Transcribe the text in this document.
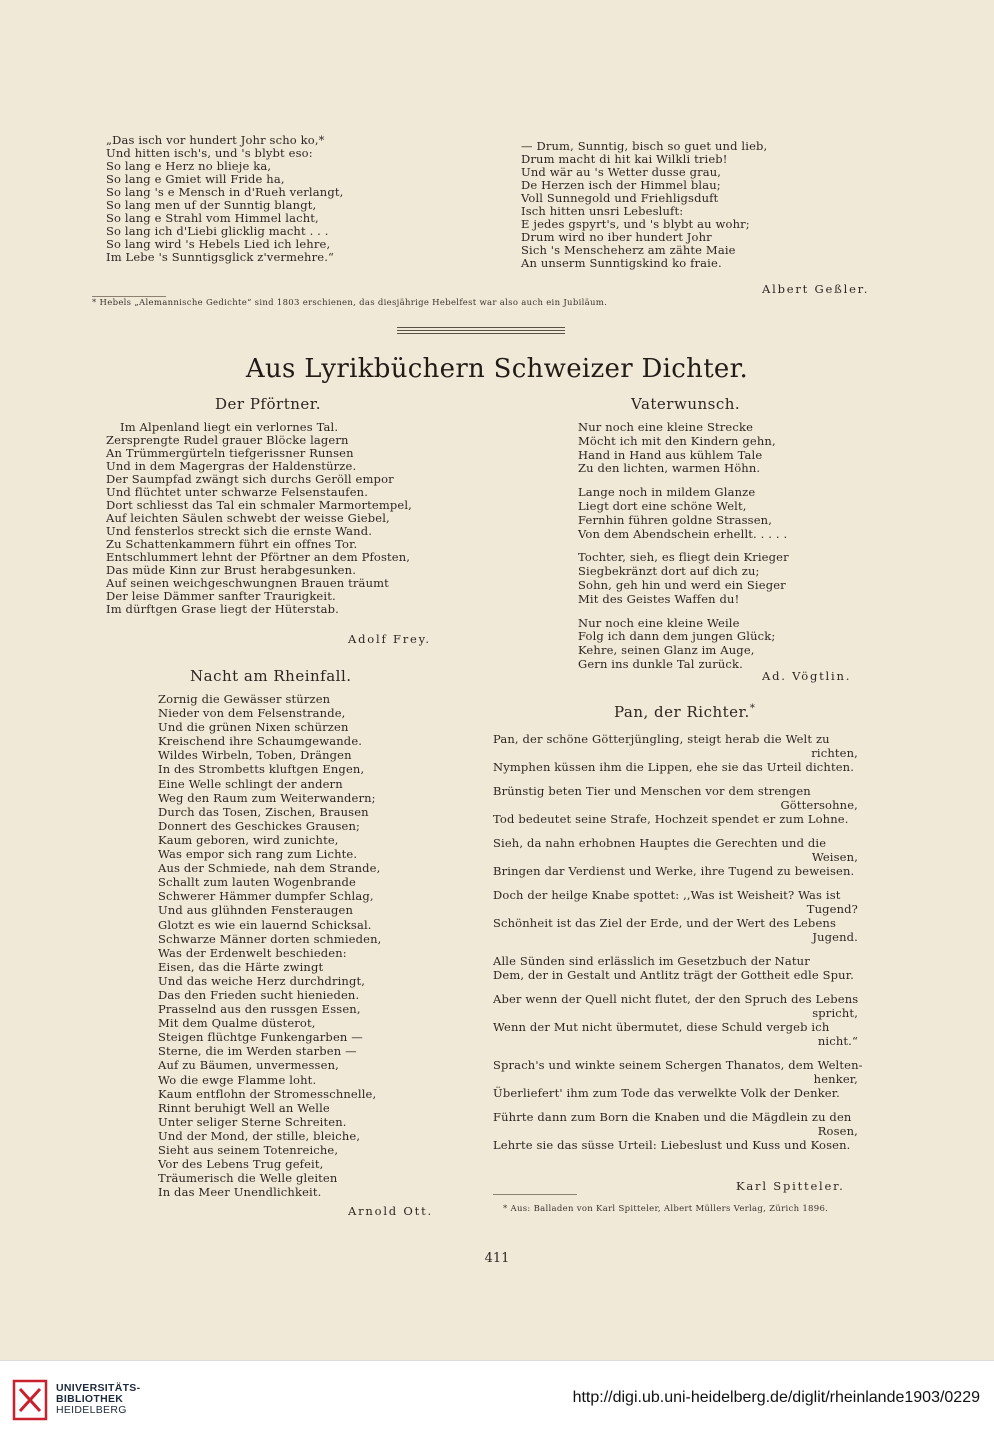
„Das isch vor hundert Johr scho ko,*
Und hitten isch's, und 's blybt eso:
So lang e Herz no blieje ka,
So lang e Gmiet will Fride ha,
So lang 's e Mensch in d'Rueh verlangt,
So lang men uf der Sunntig blangt,
So lang e Strahl vom Himmel lacht,
So lang ich d'Liebi glicklig macht . . .
So lang wird 's Hebels Lied ich lehre,
Im Lebe 's Sunntigsglick z'vermehre.“
— Drum, Sunntig, bisch so guet und lieb,
Drum macht di hit kai Wilkli trieb!
Und wär au 's Wetter dusse grau,
De Herzen isch der Himmel blau;
Voll Sunnegold und Friehligsduft
Isch hitten unsri Lebesluft:
E jedes gspyrt's, und 's blybt au wohr;
Drum wird no iber hundert Johr
Sich 's Menscheherz am zähte Maie
An unserm Sunntigskind ko fraie.
Albert Geßler.
* Hebels „Alemannische Gedichte“ sind 1803 erschienen, das diesjährige Hebelfest war also auch ein Jubiläum.
Aus Lyrikbüchern Schweizer Dichter.
Der Pförtner.
Im Alpenland liegt ein verlornes Tal.
Zersprengte Rudel grauer Blöcke lagern
An Trümmergürteln tiefgerissner Runsen
Und in dem Magergras der Haldenstürze.
Der Saumpfad zwängt sich durchs Geröll empor
Und flüchtet unter schwarze Felsenstaufen.
Dort schliesst das Tal ein schmaler Marmortempel,
Auf leichten Säulen schwebt der weisse Giebel,
Und fensterlos streckt sich die ernste Wand.
Zu Schattenkammern führt ein offnes Tor.
Entschlummert lehnt der Pförtner an dem Pfosten,
Das müde Kinn zur Brust herabgesunken.
Auf seinen weichgeschwungnen Brauen träumt
Der leise Dämmer sanfter Traurigkeit.
Im dürftgen Grase liegt der Hüterstab.
Adolf Frey.
Nacht am Rheinfall.
Zornig die Gewässer stürzen
Nieder von dem Felsenstrande,
Und die grünen Nixen schürzen
Kreischend ihre Schaumgewande.
Wildes Wirbeln, Toben, Drängen
In des Strombetts kluftgen Engen,
Eine Welle schlingt der andern
Weg den Raum zum Weiterwandern;
Durch das Tosen, Zischen, Brausen
Donnert des Geschickes Grausen;
Kaum geboren, wird zunichte,
Was empor sich rang zum Lichte.
Aus der Schmiede, nah dem Strande,
Schallt zum lauten Wogenbrande
Schwerer Hämmer dumpfer Schlag,
Und aus glühnden Fensteraugen
Glotzt es wie ein lauernd Schicksal.
Schwarze Männer dorten schmieden,
Was der Erdenwelt beschieden:
Eisen, das die Härte zwingt
Und das weiche Herz durchdringt,
Das den Frieden sucht hienieden.
Prasselnd aus den russgen Essen,
Mit dem Qualme düsterot,
Steigen flüchtge Funkengarben —
Sterne, die im Werden starben —
Auf zu Bäumen, unvermessen,
Wo die ewge Flamme loht.
Kaum entflohn der Stromesschnelle,
Rinnt beruhigt Well an Welle
Unter seliger Sterne Schreiten.
Und der Mond, der stille, bleiche,
Sieht aus seinem Totenreiche,
Vor des Lebens Trug gefeit,
Träumerisch die Welle gleiten
In das Meer Unendlichkeit.
Arnold Ott.
Vaterwunsch.
Nur noch eine kleine Strecke
Möcht ich mit den Kindern gehn,
Hand in Hand aus kühlem Tale
Zu den lichten, warmen Höhn.
Lange noch in mildem Glanze
Liegt dort eine schöne Welt,
Fernhin führen goldne Strassen,
Von dem Abendschein erhellt. . . . .
Tochter, sieh, es fliegt dein Krieger
Siegbekränzt dort auf dich zu;
Sohn, geh hin und werd ein Sieger
Mit des Geistes Waffen du!
Nur noch eine kleine Weile
Folg ich dann dem jungen Glück;
Kehre, seinen Glanz im Auge,
Gern ins dunkle Tal zurück.
Ad. Vögtlin.
Pan, der Richter.*
Pan, der schöne Götterjüngling, steigt herab die Welt zu
richten,
Nymphen küssen ihm die Lippen, ehe sie das Urteil dichten.
Brünstig beten Tier und Menschen vor dem strengen
Göttersohne,
Tod bedeutet seine Strafe, Hochzeit spendet er zum Lohne.
Sieh, da nahn erhobnen Hauptes die Gerechten und die
Weisen,
Bringen dar Verdienst und Werke, ihre Tugend zu beweisen.
Doch der heilge Knabe spottet: ,,Was ist Weisheit? Was ist
Tugend?
Schönheit ist das Ziel der Erde, und der Wert des Lebens
Jugend.
Alle Sünden sind erlässlich im Gesetzbuch der Natur
Dem, der in Gestalt und Antlitz trägt der Gottheit edle Spur.
Aber wenn der Quell nicht flutet, der den Spruch des Lebens
spricht,
Wenn der Mut nicht übermutet, diese Schuld vergeb ich
nicht.“
Sprach's und winkte seinem Schergen Thanatos, dem Welten-
henker,
Überliefert' ihm zum Tode das verwelkte Volk der Denker.
Führte dann zum Born die Knaben und die Mägdlein zu den
Rosen,
Lehrte sie das süsse Urteil: Liebeslust und Kuss und Kosen.
Karl Spitteler.
* Aus: Balladen von Karl Spitteler, Albert Müllers Verlag, Zürich 1896.
411
UNIVERSITÄTS-
BIBLIOTHEK
HEIDELBERG
http://digi.ub.uni-heidelberg.de/diglit/rheinlande1903/0229
